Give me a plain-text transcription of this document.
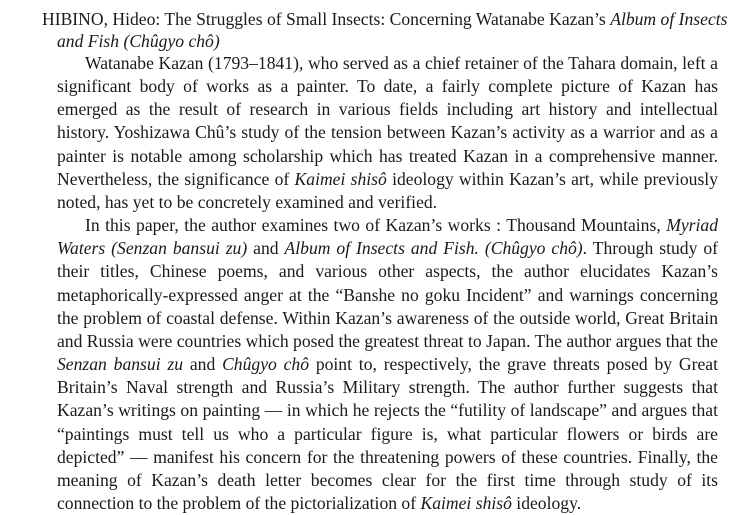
HIBINO, Hideo: The Struggles of Small Insects: Concerning Watanabe Kazan’s Album of Insects and Fish (Chûgyo chô)

Watanabe Kazan (1793–1841), who served as a chief retainer of the Tahara domain, left a significant body of works as a painter. To date, a fairly complete picture of Kazan has emerged as the result of research in various fields including art history and intellectual history. Yoshizawa Chû’s study of the tension between Kazan’s activity as a warrior and as a painter is notable among scholarship which has treated Kazan in a comprehensive manner. Nevertheless, the significance of Kaimei shisô ideology within Kazan’s art, while previously noted, has yet to be concretely examined and verified.

In this paper, the author examines two of Kazan’s works : Thousand Mountains, Myriad Waters (Senzan bansui zu) and Album of Insects and Fish. (Chûgyo chô). Through study of their titles, Chinese poems, and various other aspects, the author elucidates Kazan’s metaphorically-expressed anger at the “Banshe no goku Incident” and warnings concerning the problem of coastal defense. Within Kazan’s awareness of the outside world, Great Britain and Russia were countries which posed the greatest threat to Japan. The author argues that the Senzan bansui zu and Chûgyo chô point to, respectively, the grave threats posed by Great Britain’s Naval strength and Russia’s Military strength. The author further suggests that Kazan’s writings on painting — in which he rejects the “futility of landscape” and argues that “paintings must tell us who a particular figure is, what particular flowers or birds are depicted” — manifest his concern for the threatening powers of these countries. Finally, the meaning of Kazan’s death letter becomes clear for the first time through study of its connection to the problem of the pictorialization of Kaimei shisô ideology.
